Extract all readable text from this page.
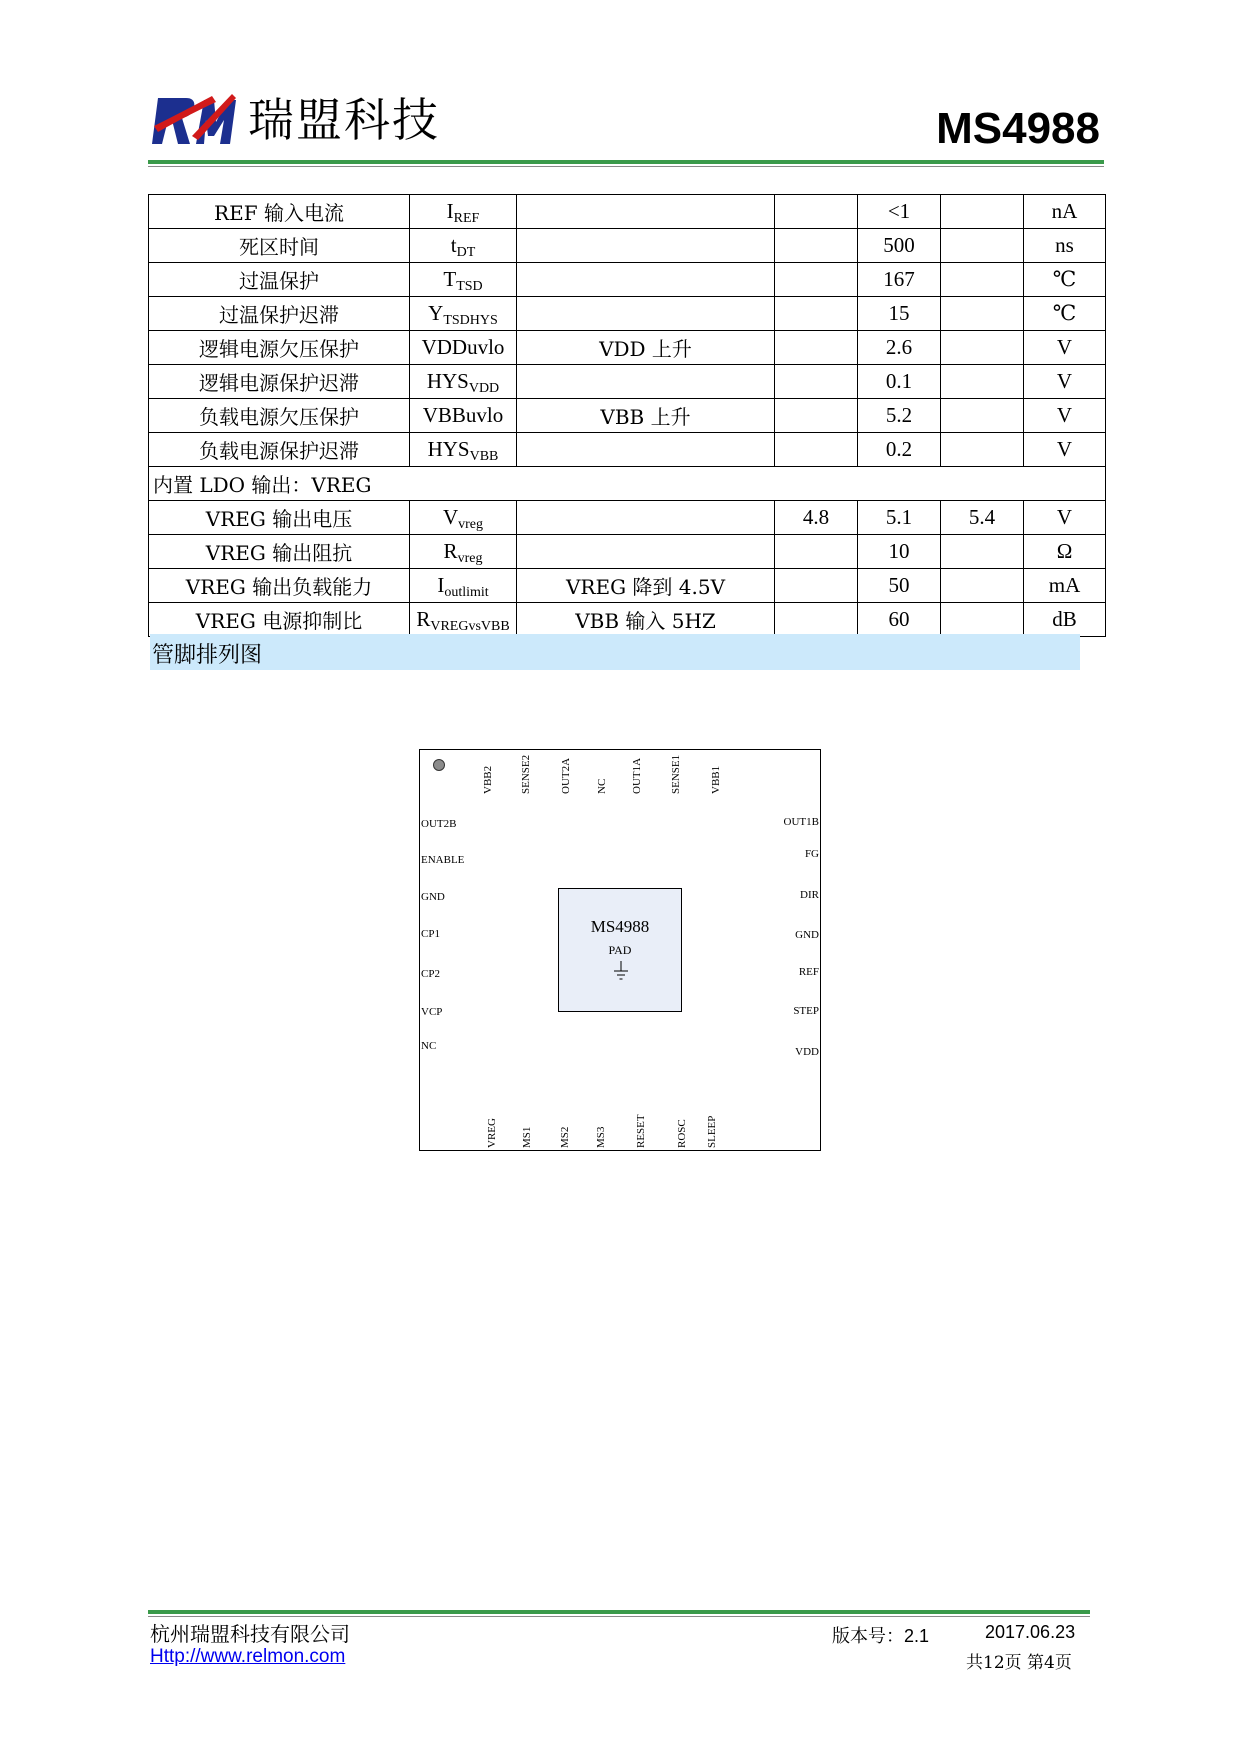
瑞盟科技	MS4988
REF 输入电流	IREF			<1		nA
死区时间	tDT			500		ns
过温保护	TTSD			167		℃
过温保护迟滞	YTSDHYS			15		℃
逻辑电源欠压保护	VDDuvlo	VDD 上升		2.6		V
逻辑电源保护迟滞	HYSVDD			0.1		V
负载电源欠压保护	VBBuvlo	VBB 上升		5.2		V
负载电源保护迟滞	HYSVBB			0.2		V
内置 LDO 输出：VREG						
VREG 输出电压	Vvreg		4.8	5.1	5.4	V
VREG 输出阻抗	Rvreg			10		Ω
VREG 输出负载能力	Ioutlimit	VREG 降到 4.5V		50		mA
VREG 电源抑制比	RVREGvsVBB	VBB 输入 5HZ		60		dB
管脚排列图
MS4988
PAD
VBB2 SENSE2	OUT2A NC OUT1A SENSE1	VBB1
VREG MS1 MS2 MS3	RESET	ROSC SLEEP
OUT2B
ENABLE
GND
CP1
CP2
VCP
NC
OUT1B
FG
DIR
GND
REF
STEP
VDD
杭州瑞盟科技有限公司
Http://www.relmon.com
版本号：2.1	2017.06.23
共12页 第4页
